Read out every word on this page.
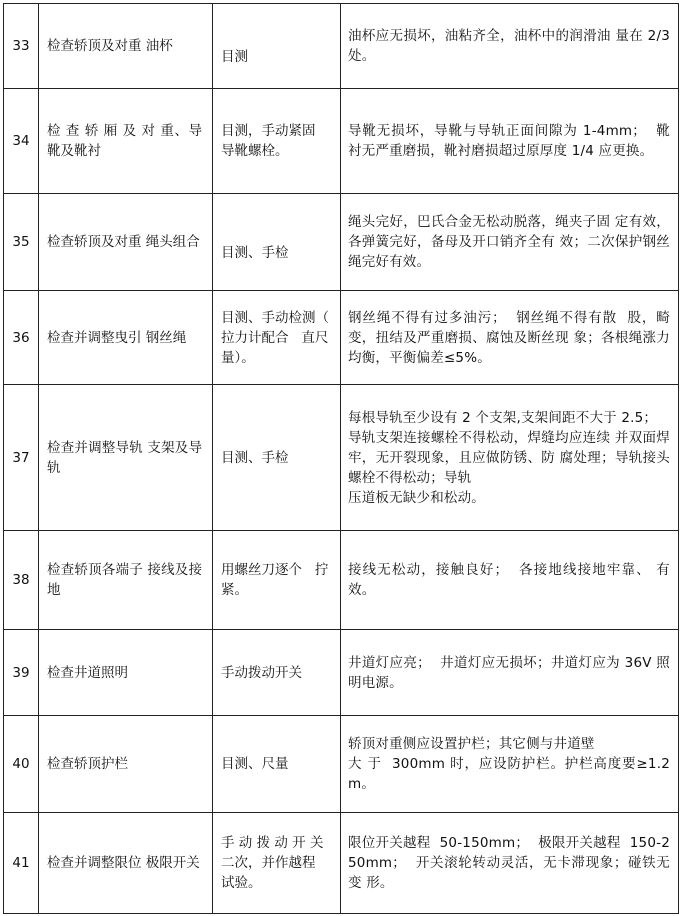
33	检查轿顶及对重 油杯	目测	油杯应无损坏，油粘齐全，油杯中的润滑油 量在 2/3 处。

34	检 查 轿 厢 及 对 重、导靴及靴衬	目测，手动紧固 导靴螺栓。	导靴无损坏，导靴与导轨正面间隙为 1-4mm；  靴衬无严重磨损，靴衬磨损超过原厚度 1/4 应更换。

35	检查轿顶及对重 绳头组合	目测、手检	绳头完好，巴氏合金无松动脱落，绳夹子固 定有效，各弹簧完好，备母及开口销齐全有 效；二次保护钢丝绳完好有效。

36	检查并调整曳引 钢丝绳	目测、手动检测（  拉力计配合   直尺量）。	钢丝绳不得有过多油污；  钢丝绳不得有散  股，畸变，扭结及严重磨损、腐蚀及断丝现 象；各根绳涨力均衡，平衡偏差≤5%。

37	检查并调整导轨 支架及导轨	目测、手检	每根导轨至少设有 2 个支架,支架间距不大于 2.5；
导轨支架连接螺栓不得松动，焊缝均应连续 并双面焊牢，无开裂现象，且应做防锈、防 腐处理；导轨接头螺栓不得松动；导轨
压道板无缺少和松动。

38	检查轿顶各端子 接线及接地	用螺丝刀逐个   拧紧。	接线无松动，接触良好；  各接地线接地牢靠、 有效。

39	检查井道照明	手动拨动开关	井道灯应亮；  井道灯应无损坏；井道灯应为 36V 照明电源。

40	检查轿顶护栏	目测、尺量	轿顶对重侧应设置护栏；其它侧与井道壁
大 于  300mm 时，应设防护栏。护栏高度要≥1.2m。

41	检查并调整限位 极限开关	手 动 拨 动 开 关   二次，并作越程 试验。	限位开关越程  50-150mm；  极限开关越程  150-250mm；  开关滚轮转动灵活，无卡滞现象；碰铁无变 形。
